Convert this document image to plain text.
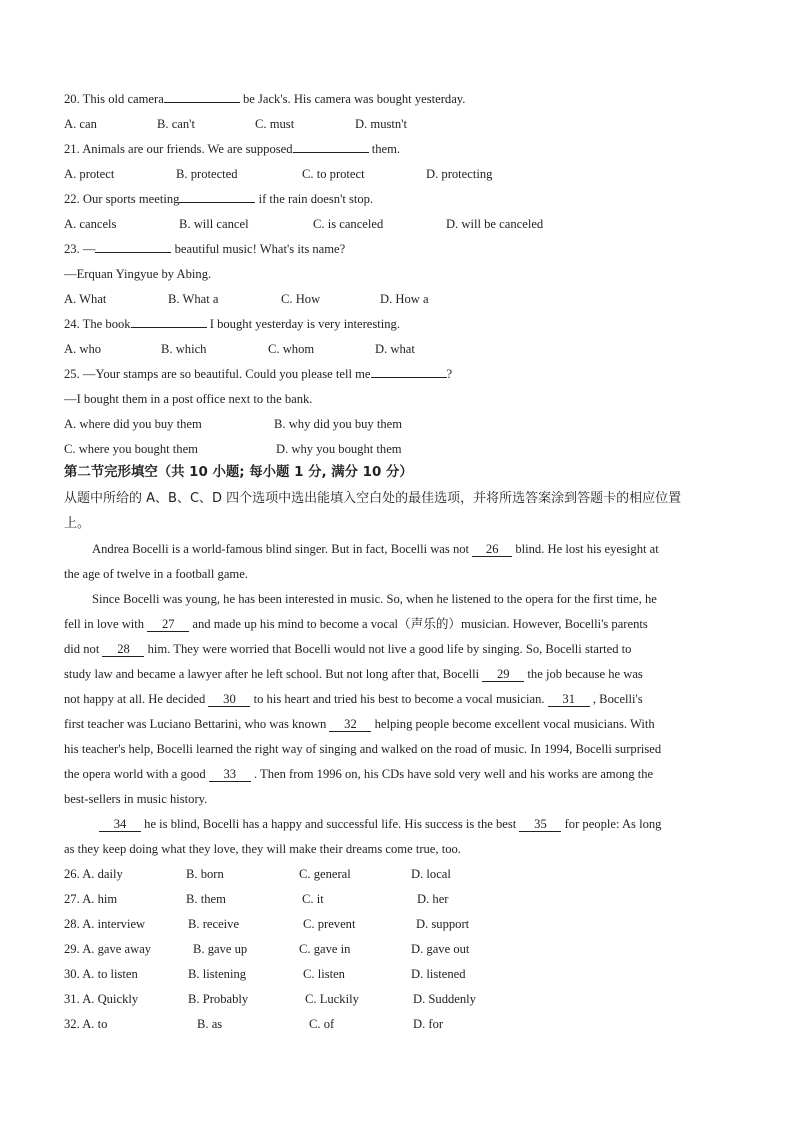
20. This old camera	be Jack's. His camera was bought yesterday.
A. can	B. can't	C. must	D. mustn't
21. Animals are our friends. We are supposed	them.
A. protect	B. protected	C. to protect	D. protecting
22. Our sports meeting	if the rain doesn't stop.
A. cancels	B. will cancel	C. is canceled	D. will be canceled
23. —	beautiful music! What's its name?
—Erquan Yingyue by Abing.
A. What	B. What a	C. How	D. How a
24. The book	I bought yesterday is very interesting.
A. who	B. which	C. whom	D. what
25. —Your stamps are so beautiful. Could you please tell me	?
—I bought them in a post office next to the bank.
A. where did you buy them	B. why did you buy them
C. where you bought them	D. why you bought them
第二节完形填空（共 10 小题; 每小题 1 分, 满分 10 分）
从题中所给的 A、B、C、D 四个选项中选出能填入空白处的最佳选项，并将所选答案涂到答题卡的相应位置
上。
Andrea Bocelli is a world-famous blind singer. But in fact, Bocelli was not 26 blind. He lost his eyesight at
the age of twelve in a football game.
Since Bocelli was young, he has been interested in music. So, when he listened to the opera for the first time, he
fell in love with 27 and made up his mind to become a vocal（声乐的）musician. However, Bocelli's parents
did not 28 him. They were worried that Bocelli would not live a good life by singing. So, Bocelli started to
study law and became a lawyer after he left school. But not long after that, Bocelli 29 the job because he was
not happy at all. He decided 30 to his heart and tried his best to become a vocal musician. 31 , Bocelli's
first teacher was Luciano Bettarini, who was known 32 helping people become excellent vocal musicians. With
his teacher's help, Bocelli learned the right way of singing and walked on the road of music. In 1994, Bocelli surprised
the opera world with a good 33 . Then from 1996 on, his CDs have sold very well and his works are among the
best-sellers in music history.
34 he is blind, Bocelli has a happy and successful life. His success is the best 35 for people: As long
as they keep doing what they love, they will make their dreams come true, too.
26. A. daily	B. born	C. general	D. local
27. A. him	B. them	C. it	D. her
28. A. interview	B. receive	C. prevent	D. support
29. A. gave away	B. gave up	C. gave in	D. gave out
30. A. to listen	B. listening	C. listen	D. listened
31. A. Quickly	B. Probably	C. Luckily	D. Suddenly
32. A. to	B. as	C. of	D. for
